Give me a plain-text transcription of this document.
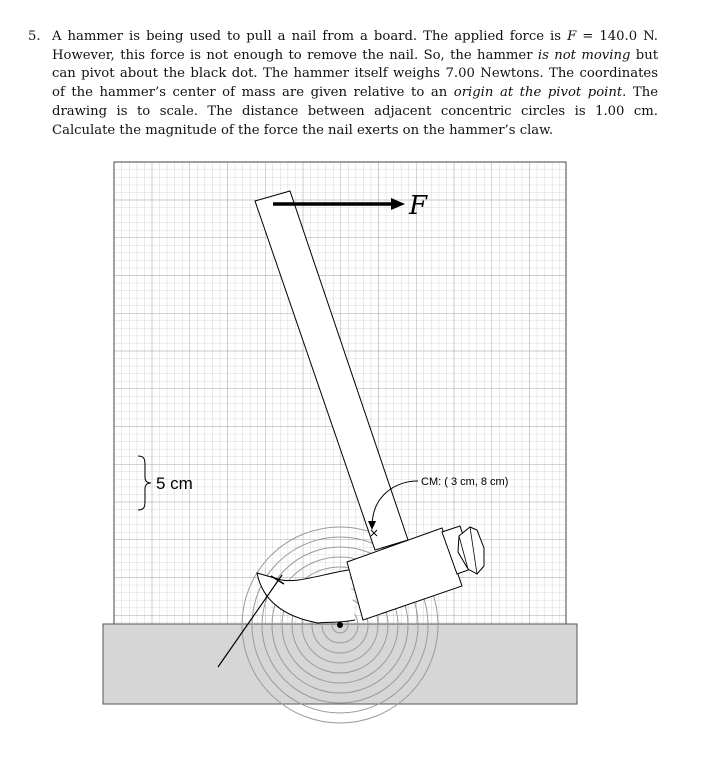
5. A hammer is being used to pull a nail from a board. The applied force is F = 140.0 N. However, this force is not enough to remove the nail. So, the hammer is not moving but can pivot about the black dot. The hammer itself weighs 7.00 Newtons. The coordinates of the hammer’s center of mass are given relative to an origin at the pivot point. The drawing is to scale. The distance between adjacent concentric circles is 1.00 cm. Calculate the magnitude of the force the nail exerts on the hammer’s claw.
CM: ( 3 cm, 8 cm)
F
5 cm
